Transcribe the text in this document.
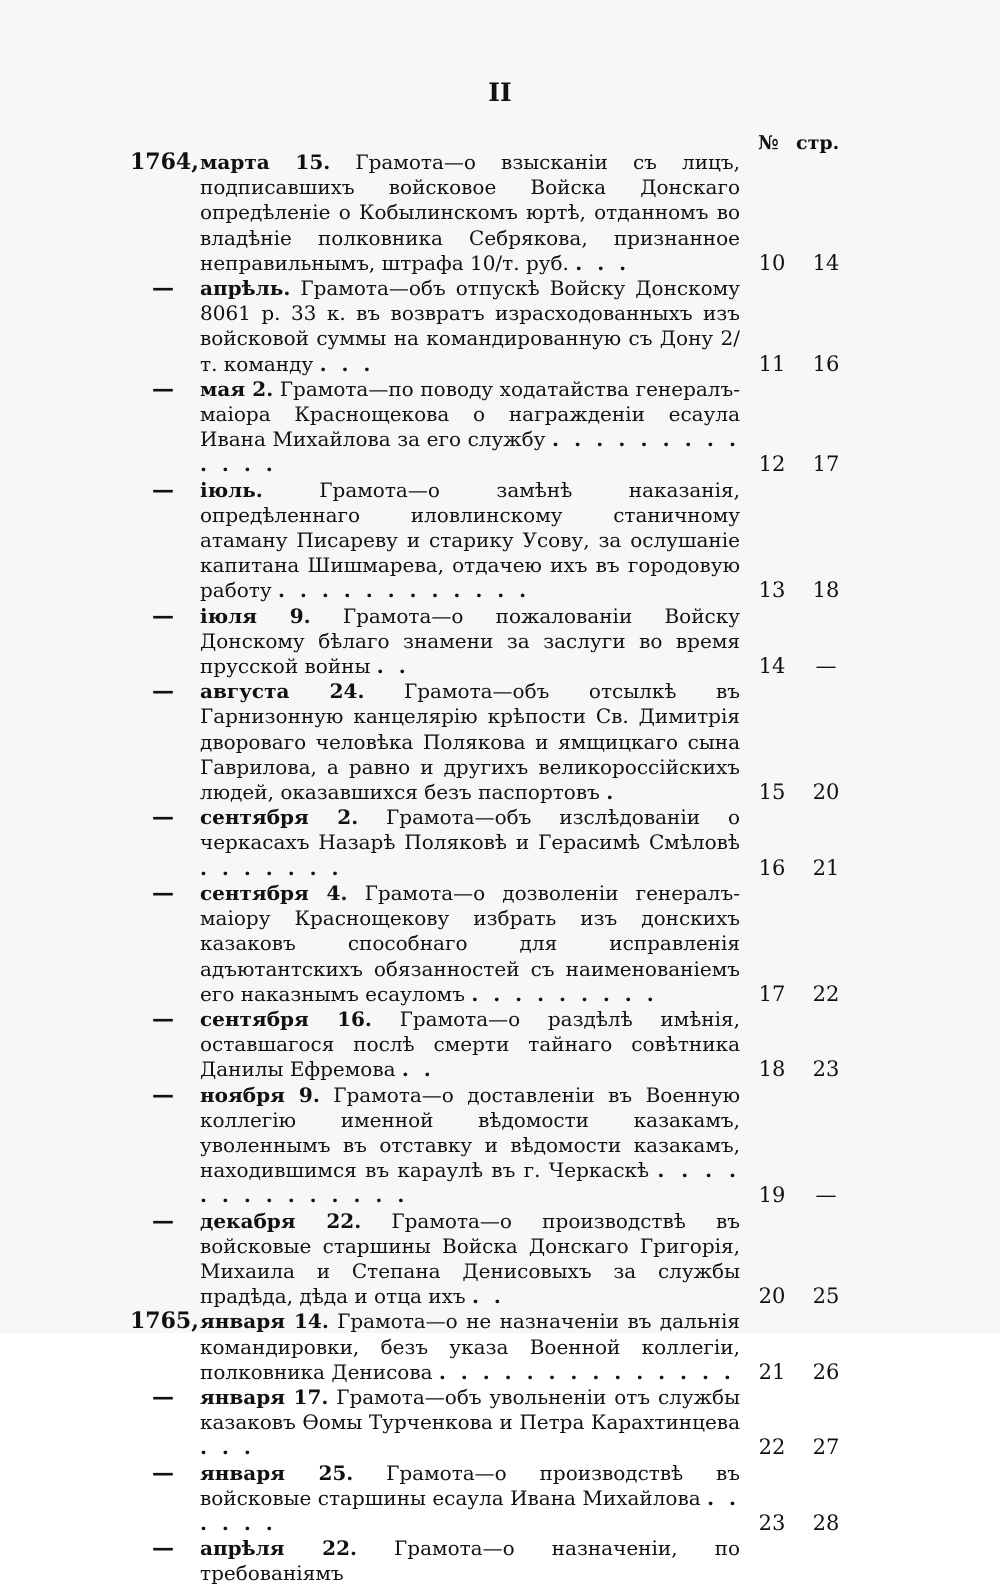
II
№ стр.
1764, марта 15. Грамота—о взысканіи съ лицъ, подписавшихъ войсковое Войска Донскаго опредѣленіе о Кобылинскомъ юртѣ, отданномъ во владѣніе полковника Себрякова, признанное неправильнымъ, штрафа 10/т. руб. . . .	10	14
—	апрѣль. Грамота—объ отпускѣ Войску Донскому 8061 р. 33 к. въ возвратъ израсходованныхъ изъ войсковой суммы на командированную съ Дону 2/т. команду . . .	11	16
—	мая 2. Грамота—по поводу ходатайства генералъ-маіора Краснощекова о награжденіи есаула Ивана Михайлова за его службу . . . . . . . . . . . . .	12	17
—	іюль. Грамота—о замѣнѣ наказанія, опредѣленнаго иловлинскому станичному атаману Писареву и старику Усову, за ослушаніе капитана Шишмарева, отдачею ихъ въ городовую работу . . . . . . . . . . . .	13	18
—	іюля 9. Грамота—о пожалованіи Войску Донскому бѣлаго знамени за заслуги во время прусской войны . .	14	—
—	августа 24. Грамота—объ отсылкѣ въ Гарнизонную канцелярію крѣпости Св. Димитрія двороваго человѣка Полякова и ямщицкаго сына Гаврилова, а равно и другихъ великороссійскихъ людей, оказавшихся безъ паспортовъ .	15	20
—	сентября 2. Грамота—объ изслѣдованіи о черкасахъ Назарѣ Поляковѣ и Герасимѣ Смѣловѣ . . . . . . .	16	21
—	сентября 4. Грамота—о дозволеніи генералъ-маіору Краснощекову избрать изъ донскихъ казаковъ способнаго для исправленія адъютантскихъ обязанностей съ наименованіемъ его наказнымъ есауломъ . . . . . . . . .	17	22
—	сентября 16. Грамота—о раздѣлѣ имѣнія, оставшагося послѣ смерти тайнаго совѣтника Данилы Ефремова . .	18	23
—	ноября 9. Грамота—о доставленіи въ Военную коллегію именной вѣдомости казакамъ, уволеннымъ въ отставку и вѣдомости казакамъ, находившимся въ караулѣ въ г. Черкаскѣ . . . . . . . . . . . . . .	19	—
—	декабря 22. Грамота—о производствѣ въ войсковые старшины Войска Донскаго Григорія, Михаила и Степана Денисовыхъ за службы прадѣда, дѣда и отца ихъ . .	20	25
1765, января 14. Грамота—о не назначеніи въ дальнія командировки, безъ указа Военной коллегіи, полковника Денисова . . . . . . . . . . . . . .	21	26
—	января 17. Грамота—объ увольненіи отъ службы казаковъ Ѳомы Турченкова и Петра Карахтинцева . . .	22	27
—	января 25. Грамота—о производствѣ въ войсковые старшины есаула Ивана Михайлова . . . . . .	23	28
—	апрѣля 22. Грамота—о назначеніи, по требованіямъ
